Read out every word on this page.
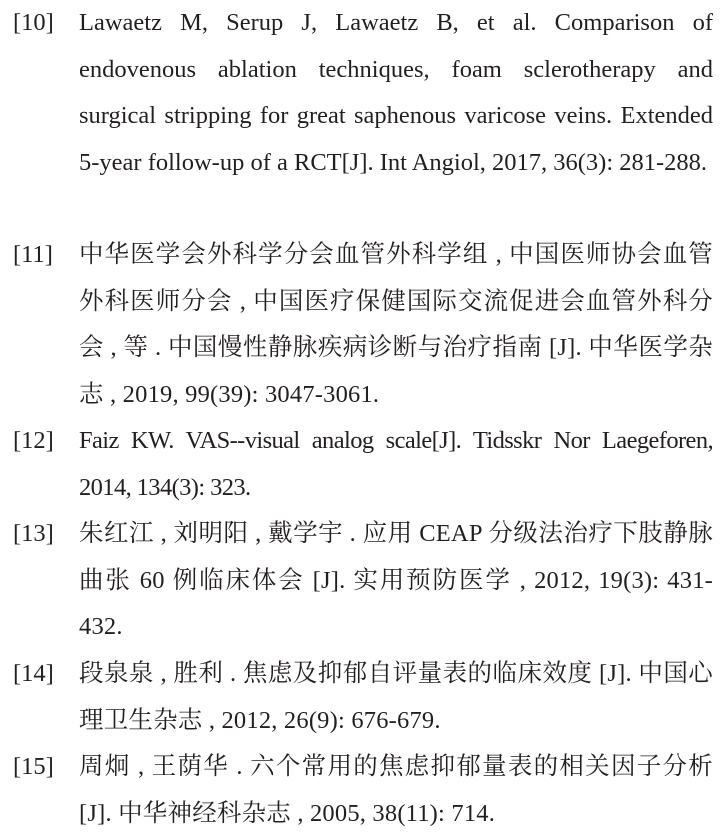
[10] Lawaetz M, Serup J, Lawaetz B, et al. Comparison of endovenous ablation techniques, foam sclerotherapy and surgical stripping for great saphenous varicose veins. Extended 5-year follow-up of a RCT[J]. Int Angiol, 2017, 36(3): 281-288.
[11] 中华医学会外科学分会血管外科学组 , 中国医师协会血管外科医师分会 , 中国医疗保健国际交流促进会血管外科分会 , 等 . 中国慢性静脉疾病诊断与治疗指南 [J]. 中华医学杂志 , 2019, 99(39): 3047-3061.
[12] Faiz KW. VAS--visual analog scale[J]. Tidsskr Nor Laegeforen, 2014, 134(3): 323.
[13] 朱红江 , 刘明阳 , 戴学宇 . 应用 CEAP 分级法治疗下肢静脉曲张 60 例临床体会 [J]. 实用预防医学 , 2012, 19(3): 431-432.
[14] 段泉泉 , 胜利 . 焦虑及抑郁自评量表的临床效度 [J]. 中国心理卫生杂志 , 2012, 26(9): 676-679.
[15] 周炯 , 王荫华 . 六个常用的焦虑抑郁量表的相关因子分析 [J]. 中华神经科杂志 , 2005, 38(11): 714.
